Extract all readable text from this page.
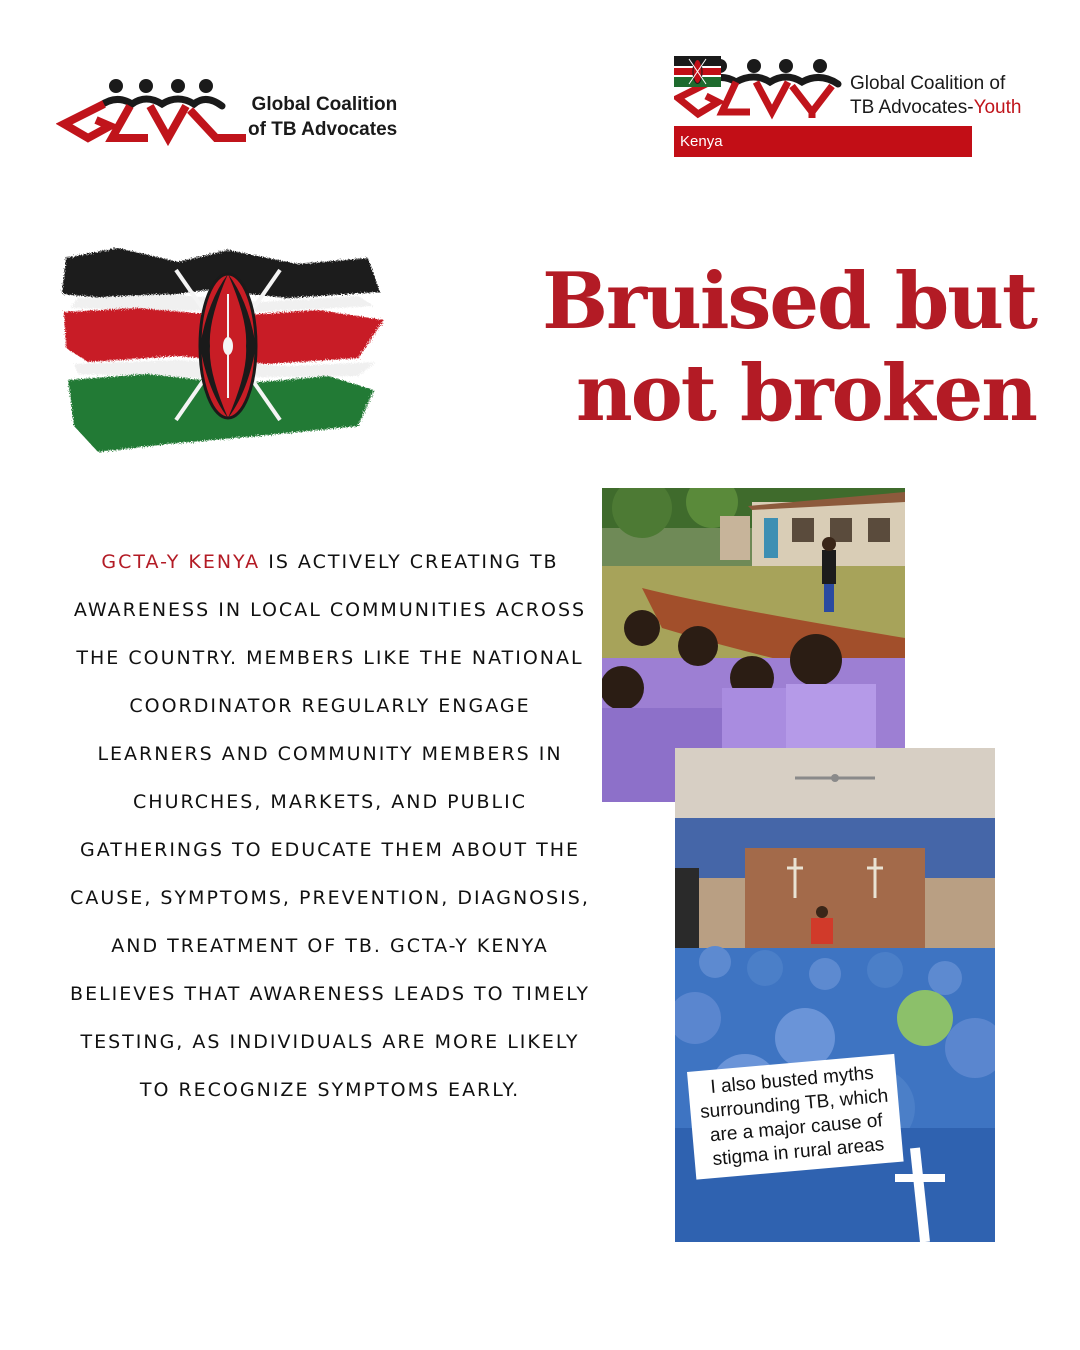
Global Coalition
of TB Advocates
Global Coalition of
TB Advocates-Youth
Kenya
Bruised but
not broken
GCTA-Y KENYA IS ACTIVELY CREATING TB AWARENESS IN LOCAL COMMUNITIES ACROSS THE COUNTRY. MEMBERS LIKE THE NATIONAL COORDINATOR REGULARLY ENGAGE LEARNERS AND COMMUNITY MEMBERS IN CHURCHES, MARKETS, AND PUBLIC GATHERINGS TO EDUCATE THEM ABOUT THE CAUSE, SYMPTOMS, PREVENTION, DIAGNOSIS, AND TREATMENT OF TB. GCTA-Y KENYA BELIEVES THAT AWARENESS LEADS TO TIMELY TESTING, AS INDIVIDUALS ARE MORE LIKELY TO RECOGNIZE SYMPTOMS EARLY.	I also busted myths surrounding TB, which are a major cause of stigma in rural areas
